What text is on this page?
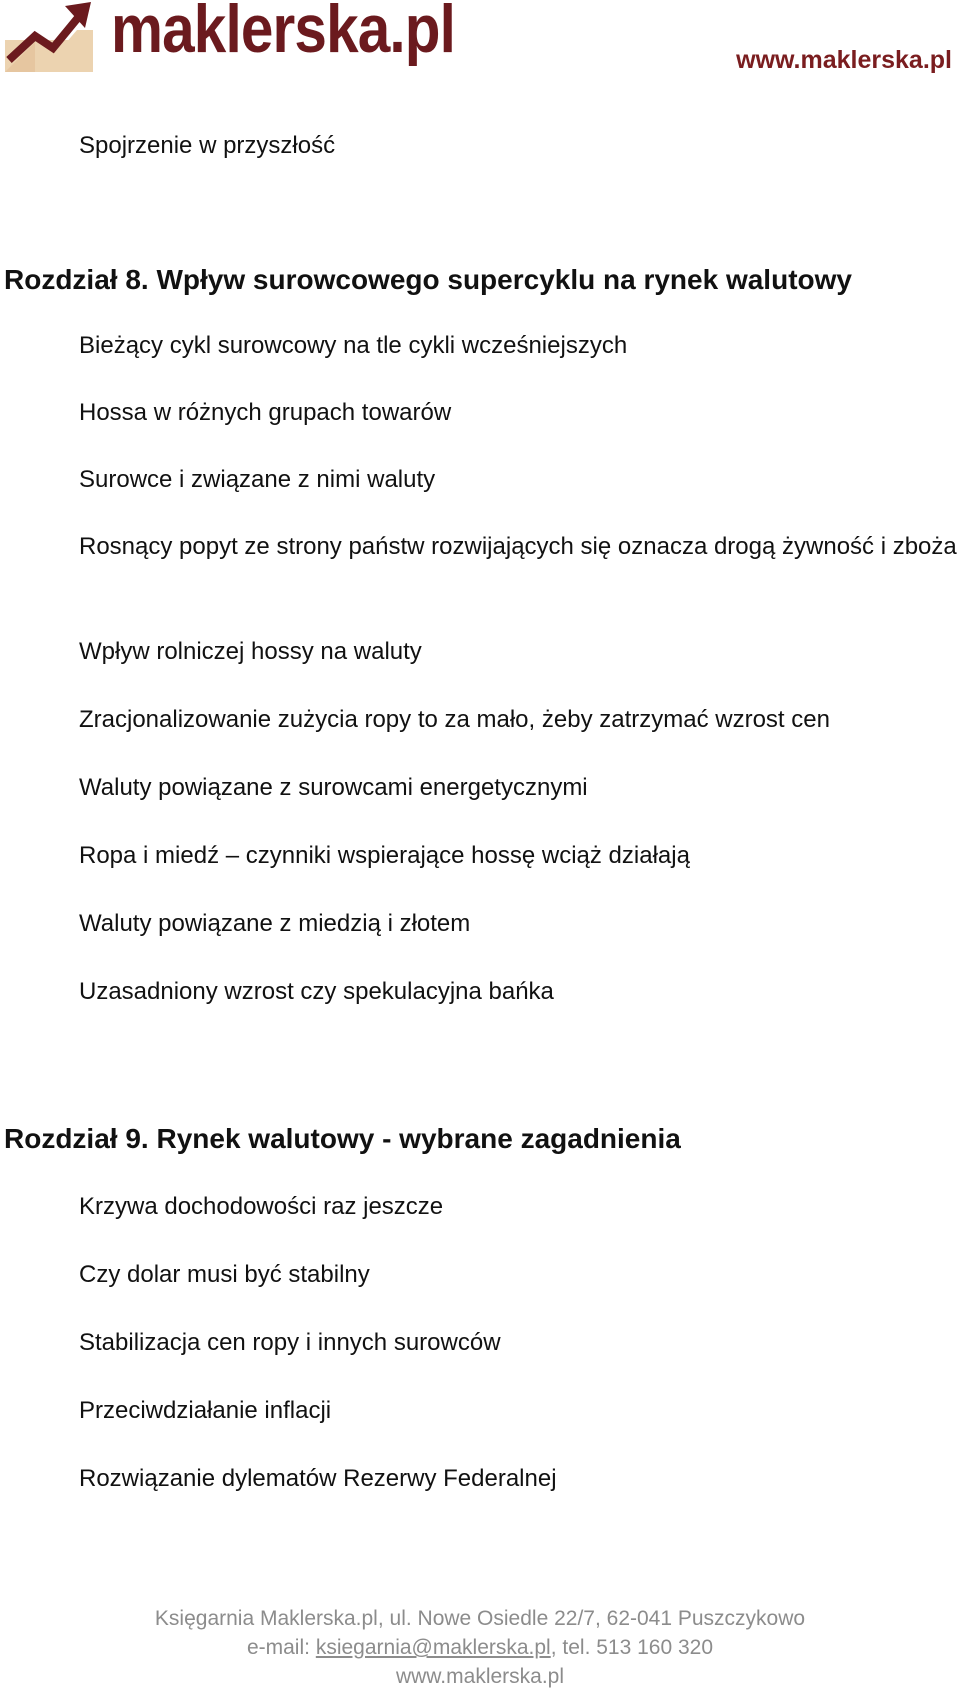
maklerska.pl	www.maklerska.pl
Spojrzenie w przyszłość
Rozdział 8. Wpływ surowcowego supercyklu na rynek walutowy
Bieżący cykl surowcowy na tle cykli wcześniejszych
Hossa w różnych grupach towarów
Surowce i związane z nimi waluty
Rosnący popyt ze strony państw rozwijających się oznacza drogą żywność i zboża
Wpływ rolniczej hossy na waluty
Zracjonalizowanie zużycia ropy to za mało, żeby zatrzymać wzrost cen
Waluty powiązane z surowcami energetycznymi
Ropa i miedź – czynniki wspierające hossę wciąż działają
Waluty powiązane z miedzią i złotem
Uzasadniony wzrost czy spekulacyjna bańka
Rozdział 9. Rynek walutowy - wybrane zagadnienia
Krzywa dochodowości raz jeszcze
Czy dolar musi być stabilny
Stabilizacja cen ropy i innych surowców
Przeciwdziałanie inflacji
Rozwiązanie dylematów Rezerwy Federalnej
Księgarnia Maklerska.pl, ul. Nowe Osiedle 22/7, 62-041 Puszczykowo
e-mail: ksiegarnia@maklerska.pl, tel. 513 160 320
www.maklerska.pl
